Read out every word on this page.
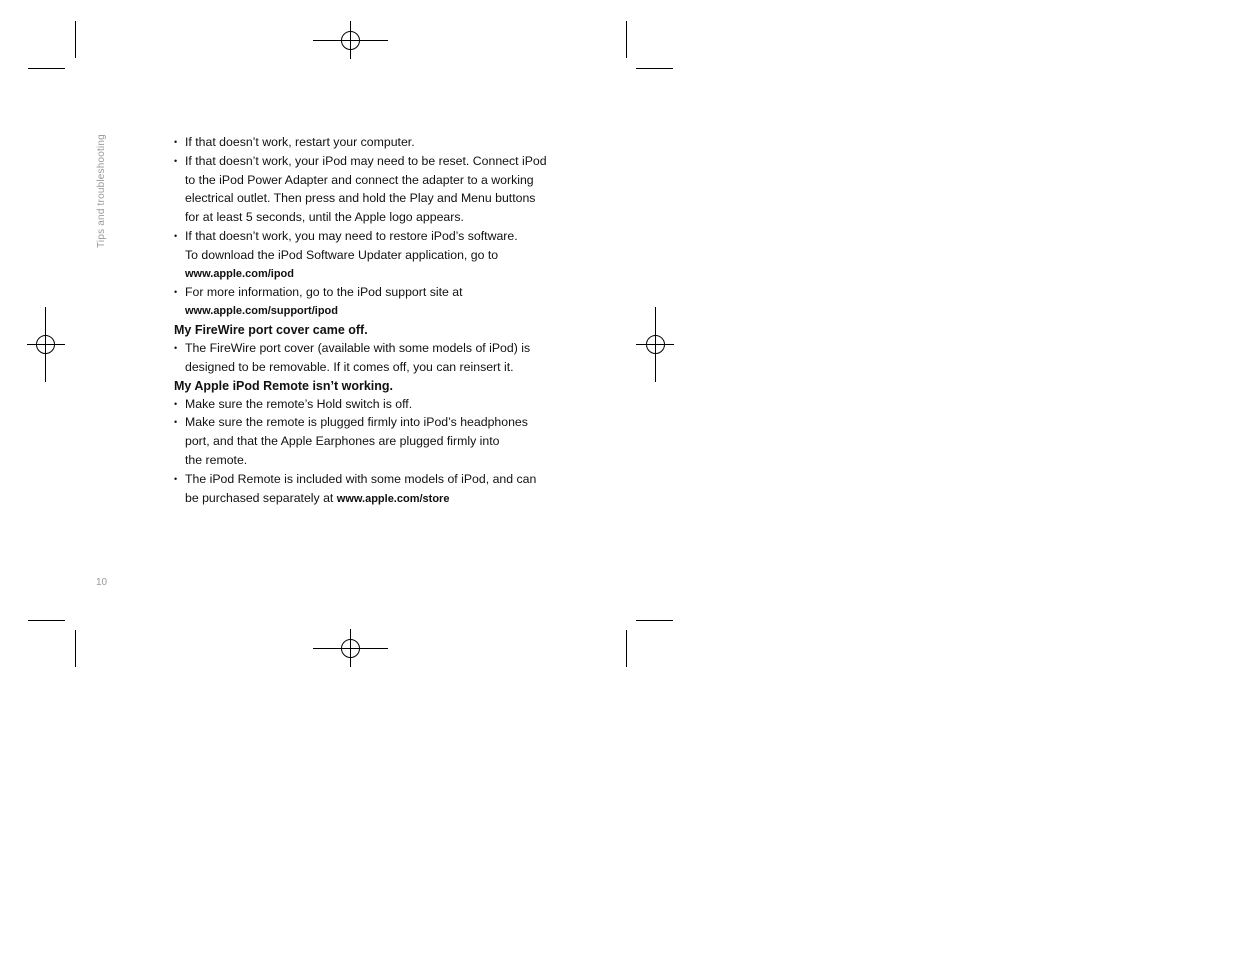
Tips and troubleshooting
10
• If that doesn’t work, restart your computer.
• If that doesn’t work, your iPod may need to be reset. Connect iPod
to the iPod Power Adapter and connect the adapter to a working
electrical outlet. Then press and hold the Play and Menu buttons
for at least 5 seconds, until the Apple logo appears.
• If that doesn’t work, you may need to restore iPod’s software.
To download the iPod Software Updater application, go to
www.apple.com/ipod
• For more information, go to the iPod support site at
www.apple.com/support/ipod
My FireWire port cover came off.
• The FireWire port cover (available with some models of iPod) is
designed to be removable. If it comes off, you can reinsert it.
My Apple iPod Remote isn’t working.
• Make sure the remote’s Hold switch is off.
• Make sure the remote is plugged firmly into iPod’s headphones
port, and that the Apple Earphones are plugged firmly into
the remote.
• The iPod Remote is included with some models of iPod, and can
be purchased separately at www.apple.com/store
